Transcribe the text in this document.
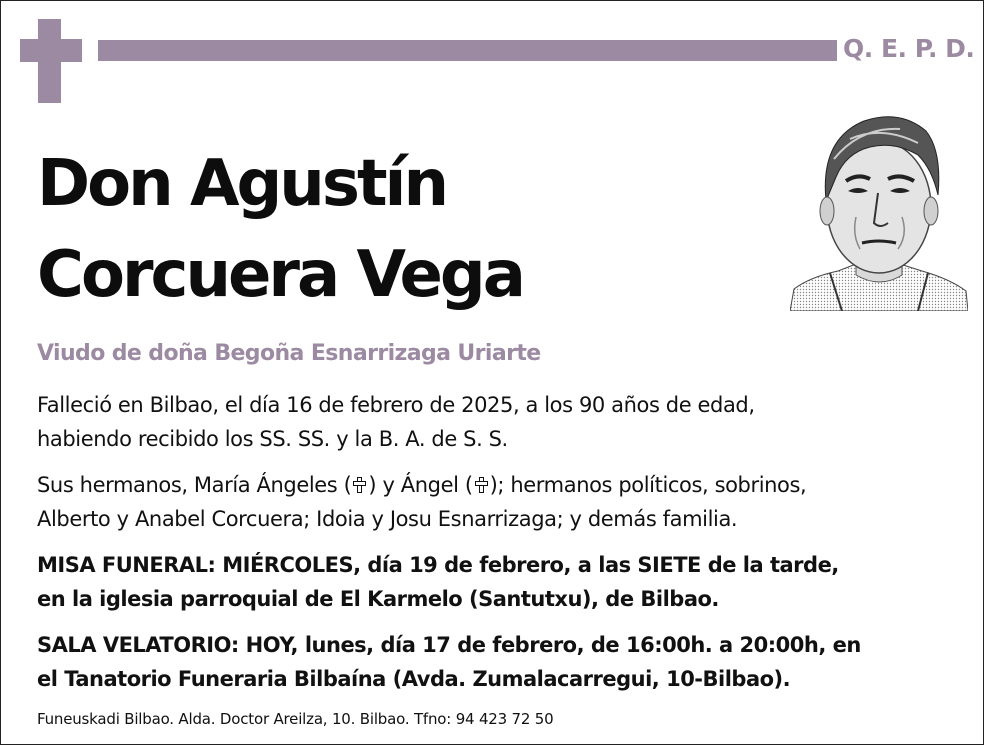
Q. E. P. D.
Don Agustín
Corcuera Vega
Viudo de doña Begoña Esnarrizaga Uriarte
Falleció en Bilbao, el día 16 de febrero de 2025, a los 90 años de edad,
habiendo recibido los SS. SS. y la B. A. de S. S.
Sus hermanos, María Ángeles ( ) y Ángel ( ); hermanos políticos, sobrinos,
Alberto y Anabel Corcuera; Idoia y Josu Esnarrizaga; y demás familia.
MISA FUNERAL: MIÉRCOLES, día 19 de febrero, a las SIETE de la tarde,
en la iglesia parroquial de El Karmelo (Santutxu), de Bilbao.
SALA VELATORIO: HOY, lunes, día 17 de febrero, de 16:00h. a 20:00h, en
el Tanatorio Funeraria Bilbaína (Avda. Zumalacarregui, 10-Bilbao).
Funeuskadi Bilbao. Alda. Doctor Areilza, 10. Bilbao. Tfno: 94 423 72 50
